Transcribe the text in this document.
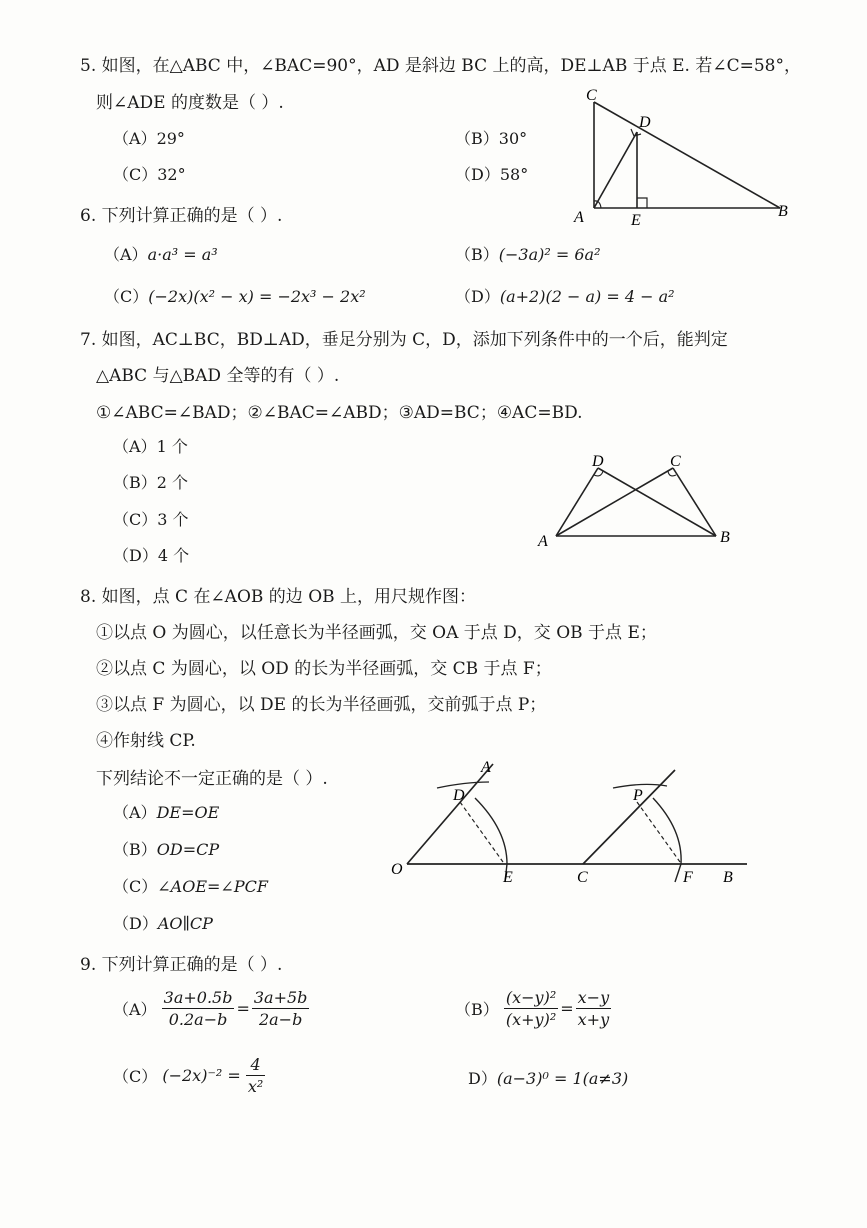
5. 如图，在△ABC 中，∠BAC=90°，AD 是斜边 BC 上的高，DE⊥AB 于点 E. 若∠C=58°，
则∠ADE 的度数是（ ）.
（A）29°	（B）30°
（C）32°	（D）58°
C
D
A	E
B
6. 下列计算正确的是（ ）.
（A）a·a³ = a³	（B）(−3a)² = 6a²
（C）(−2x)(x² − x) = −2x³ − 2x²	（D）(a+2)(2 − a) = 4 − a²
7. 如图，AC⊥BC，BD⊥AD，垂足分别为 C，D，添加下列条件中的一个后，能判定
△ABC 与△BAD 全等的有（ ）.
①∠ABC=∠BAD；②∠BAC=∠ABD；③AD=BC；④AC=BD.
（A）1 个
（B）2 个
（C）3 个
（D）4 个
D	C
A	B
8. 如图，点 C 在∠AOB 的边 OB 上，用尺规作图：
①以点 O 为圆心，以任意长为半径画弧，交 OA 于点 D，交 OB 于点 E；
②以点 C 为圆心，以 OD 的长为半径画弧，交 CB 于点 F；
③以点 F 为圆心，以 DE 的长为半径画弧，交前弧于点 P；
④作射线 CP.
下列结论不一定正确的是（ ）.
（A）DE=OE
（B）OD=CP
（C）∠AOE=∠PCF
（D）AO∥CP
A
D
O	E
P
C	F B
9. 下列计算正确的是（ ）.
$(A) \frac{3a+0.5b}{0.2a-b} = \frac{3a+5b}{2a-b}$	$(B) \frac{\text{(x−y)²}}{\text{(x+y)²}} = \frac{x-y}{x+y}$
（C） $(-2x)^{-2} = \frac{4}{\text{x²}}$	D）(a−3)⁰ = 1(a≠3)
